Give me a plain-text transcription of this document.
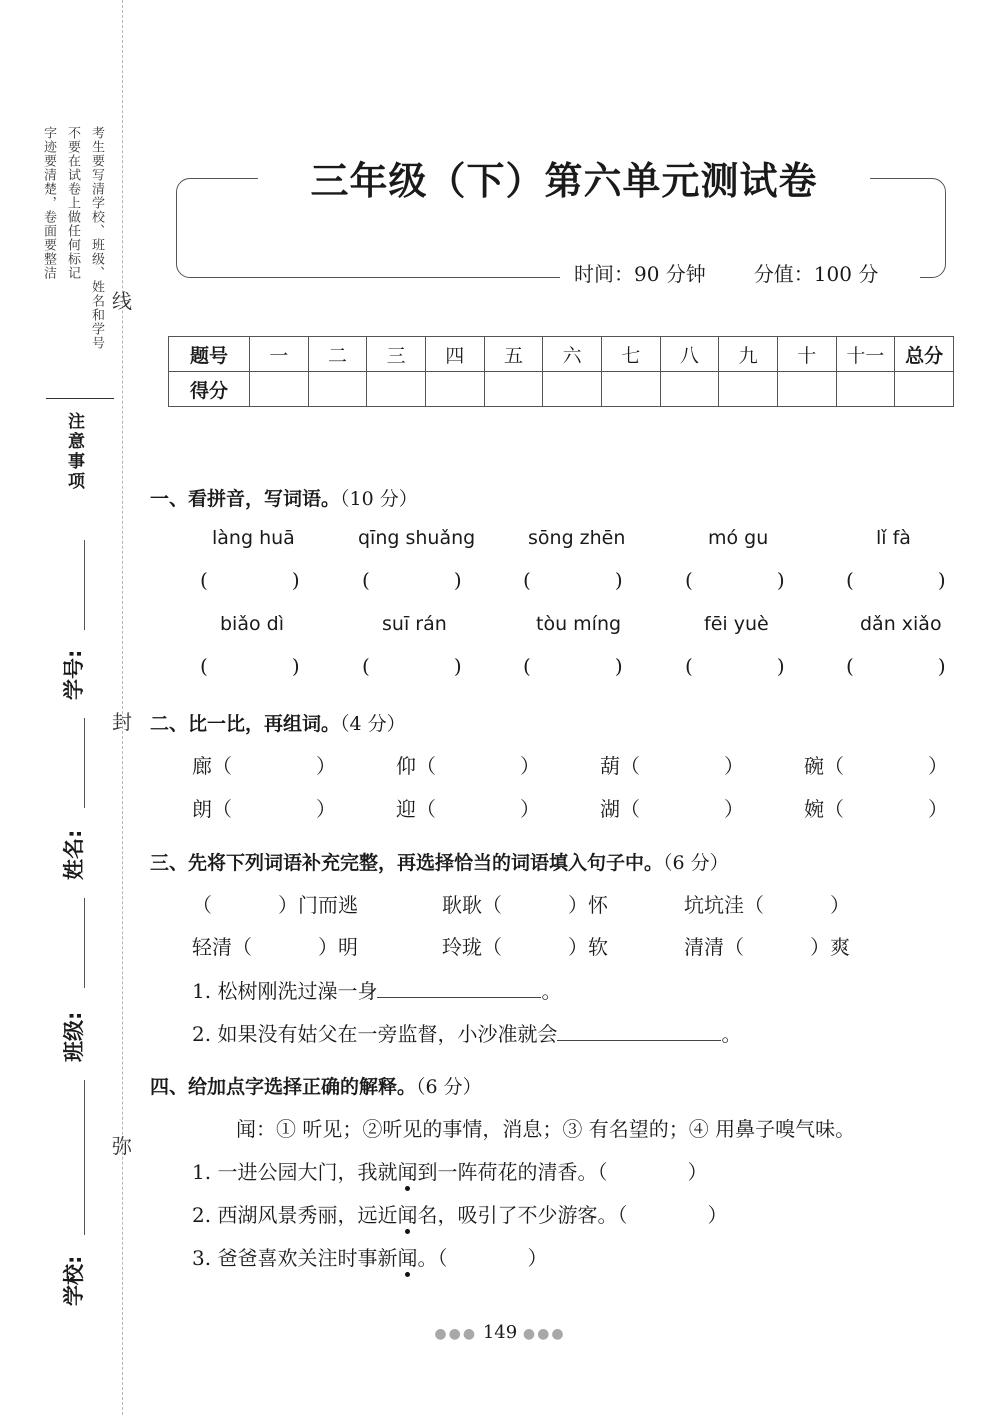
考生要写清学校、班级、姓名和学号
不要在试卷上做任何标记
字迹要清楚，卷面要整洁
注意事项
学号:
姓名:
班级:
学校:
线
封
弥
三年级（下）第六单元测试卷
时间：90 分钟 分值：100 分
题号	一	二	三	四	五	六	七	八	九	十	十一	总分
得分												
一、看拼音，写词语。（10 分）
làng huā	qīng shuǎng	sōng zhēn	mó gu	lǐ fà
(	)	(	)	(	)	(	)	(	)
biǎo dì	suī rán	tòu míng	fēi yuè	dǎn xiǎo
(	)	(	)	(	)	(	)	(	)
二、比一比，再组词。（4 分）
廊（	）	仰（	）	葫（	）	碗（	）
朗（	）	迎（	）	湖（	）	婉（	）
三、先将下列词语补充完整，再选择恰当的词语填入句子中。（6 分）
（	）门而逃	耿耿（	）怀	坑坑洼（	）
轻清（	）明	玲珑（	）软	清清（	）爽
1. 松树刚洗过澡一身	。
2. 如果没有姑父在一旁监督，小沙准就会	。
四、给加点字选择正确的解释。（6 分）
闻：① 听见；②听见的事情，消息；③ 有名望的；④ 用鼻子嗅气味。
1. 一进公园大门，我就闻到一阵荷花的清香。（　　　　）
2. 西湖风景秀丽，远近闻名，吸引了不少游客。（　　　　）
3. 爸爸喜欢关注时事新闻。（　　　　）
●●● 149 ●●●
